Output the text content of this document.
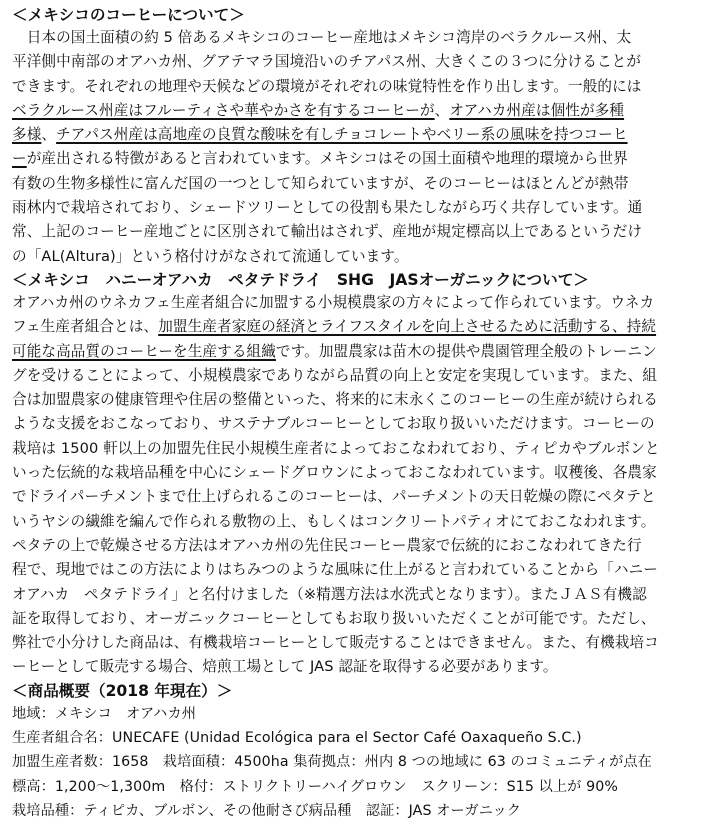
＜メキシコのコーヒーについて＞
　日本の国土面積の約 5 倍あるメキシコのコーヒー産地はメキシコ湾岸のベラクルース州、太
平洋側中南部のオアハカ州、グアテマラ国境沿いのチアパス州、大きくこの３つに分けることが
できます。それぞれの地理や天候などの環境がそれぞれの味覚特性を作り出します。一般的には
ベラクルース州産はフルーティさや華やかさを有するコーヒーが、オアハカ州産は個性が多種
多様、チアパス州産は高地産の良質な酸味を有しチョコレートやベリー系の風味を持つコーヒ
ーが産出される特徴があると言われています。メキシコはその国土面積や地理的環境から世界
有数の生物多様性に富んだ国の一つとして知られていますが、そのコーヒーはほとんどが熱帯
雨林内で栽培されており、シェードツリーとしての役割も果たしながら巧く共存しています。通
常、上記のコーヒー産地ごとに区別されて輸出はされず、産地が規定標高以上であるというだけ
の「AL(Altura)」という格付けがなされて流通しています。
＜メキシコ　ハニーオアハカ　ペタテドライ　SHG　JASオーガニックについて＞
オアハカ州のウネカフェ生産者組合に加盟する小規模農家の方々によって作られています。ウネカ
フェ生産者組合とは、加盟生産者家庭の経済とライフスタイルを向上させるために活動する、持続
可能な高品質のコーヒーを生産する組織です。加盟農家は苗木の提供や農園管理全般のトレーニン
グを受けることによって、小規模農家でありながら品質の向上と安定を実現しています。また、組
合は加盟農家の健康管理や住居の整備といった、将来的に末永くこのコーヒーの生産が続けられる
ような支援をおこなっており、サステナブルコーヒーとしてお取り扱いいただけます。コーヒーの
栽培は 1500 軒以上の加盟先住民小規模生産者によっておこなわれており、ティピカやブルボンと
いった伝統的な栽培品種を中心にシェードグロウンによっておこなわれています。収穫後、各農家
でドライパーチメントまで仕上げられるこのコーヒーは、パーチメントの天日乾燥の際にペタテと
いうヤシの繊維を編んで作られる敷物の上、もしくはコンクリートパティオにておこなわれます。
ペタテの上で乾燥させる方法はオアハカ州の先住民コーヒー農家で伝統的におこなわれてきた行
程で、現地ではこの方法によりはちみつのような風味に仕上がると言われていることから「ハニー
オアハカ　ペタテドライ」と名付けました（※精選方法は水洗式となります）。またＪＡＳ有機認
証を取得しており、オーガニックコーヒーとしてもお取り扱いいただくことが可能です。ただし、
弊社で小分けした商品は、有機栽培コーヒーとして販売することはできません。また、有機栽培コ
ーヒーとして販売する場合、焙煎工場として JAS 認証を取得する必要があります。
＜商品概要（2018 年現在）＞
地域：メキシコ　オアハカ州
生産者組合名：UNECAFE (Unidad Ecológica para el Sector Café Oaxaqueño S.C.)
加盟生産者数：1658　栽培面積：4500ha 集荷拠点：州内 8 つの地域に 63 のコミュニティが点在
標高：1,200～1,300m　格付：ストリクトリーハイグロウン　スクリーン：S15 以上が 90%
栽培品種：ティピカ、ブルボン、その他耐さび病品種　認証：JAS オーガニック
